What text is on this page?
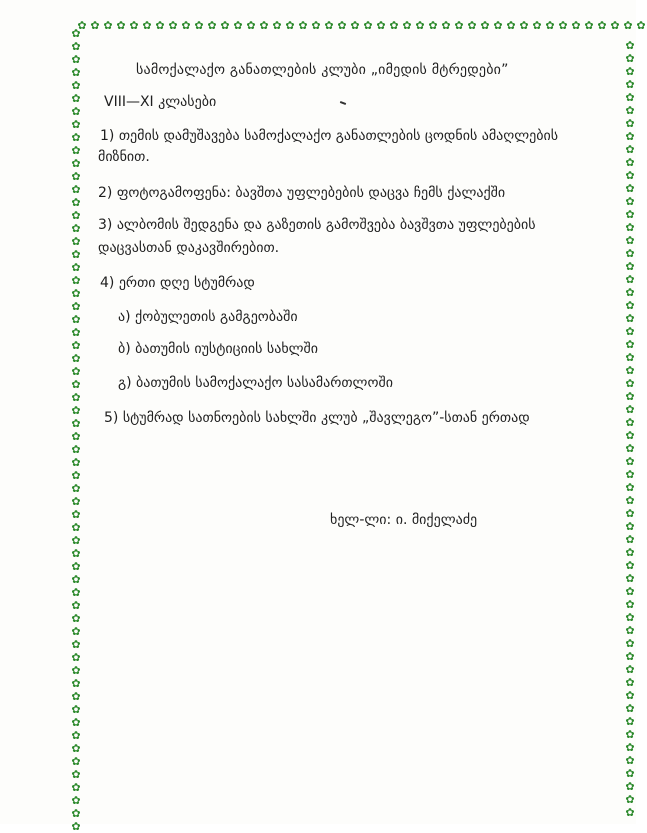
✿ ✿ ✿ ✿ ✿ ✿ ✿ ✿ ✿ ✿ ✿ ✿ ✿ ✿ ✿ ✿ ✿ ✿ ✿ ✿ ✿ ✿ ✿ ✿ ✿ ✿ ✿ ✿ ✿ ✿ ✿ ✿ ✿ ✿ ✿ ✿ ✿ ✿ ✿ ✿ ✿ ✿ ✿ ✿
✿
✿
✿
✿
✿
✿
✿
✿
✿
✿
✿
✿
✿
✿
✿
✿
✿
✿
✿
✿
✿
✿
✿
✿
✿
✿
✿
✿
✿
✿
✿
✿
✿
✿
✿
✿
✿
✿
✿
✿
✿
✿
✿
✿
✿
✿
✿
✿
✿
✿
✿
✿
✿
✿
✿
✿
✿
✿
✿
✿
✿
✿
✿
✿
✿
✿
✿
✿
✿
✿
✿
✿
✿
✿
✿
✿
✿
✿
✿
✿
✿
✿
✿
✿
✿
✿
✿
✿
✿
✿
✿
✿
✿
✿
✿
✿
✿
✿
✿
✿
✿
✿
✿
✿
✿
✿
✿
✿
✿
✿
✿
✿
✿
✿
✿
✿
✿
✿
✿
✿
✿
✿
სამოქალაქო განათლების კლუბი „იმედის მტრედები”
VIII—XI კლასები
1) თემის დამუშავება სამოქალაქო განათლების ცოდნის ამაღლების
მიზნით.
2) ფოტოგამოფენა: ბავშთა უფლებების დაცვა ჩემს ქალაქში
3) ალბომის შედგენა და გაზეთის გამოშვება ბავშვთა უფლებების
დაცვასთან დაკავშირებით.
4) ერთი დღე სტუმრად
ა) ქობულეთის გამგეობაში
ბ) ბათუმის იუსტიციის სახლში
გ) ბათუმის სამოქალაქო სასამართლოში
5) სტუმრად სათნოების სახლში კლუბ „შავლეგო”-სთან ერთად
ხელ-ლი: ი. მიქელაძე
